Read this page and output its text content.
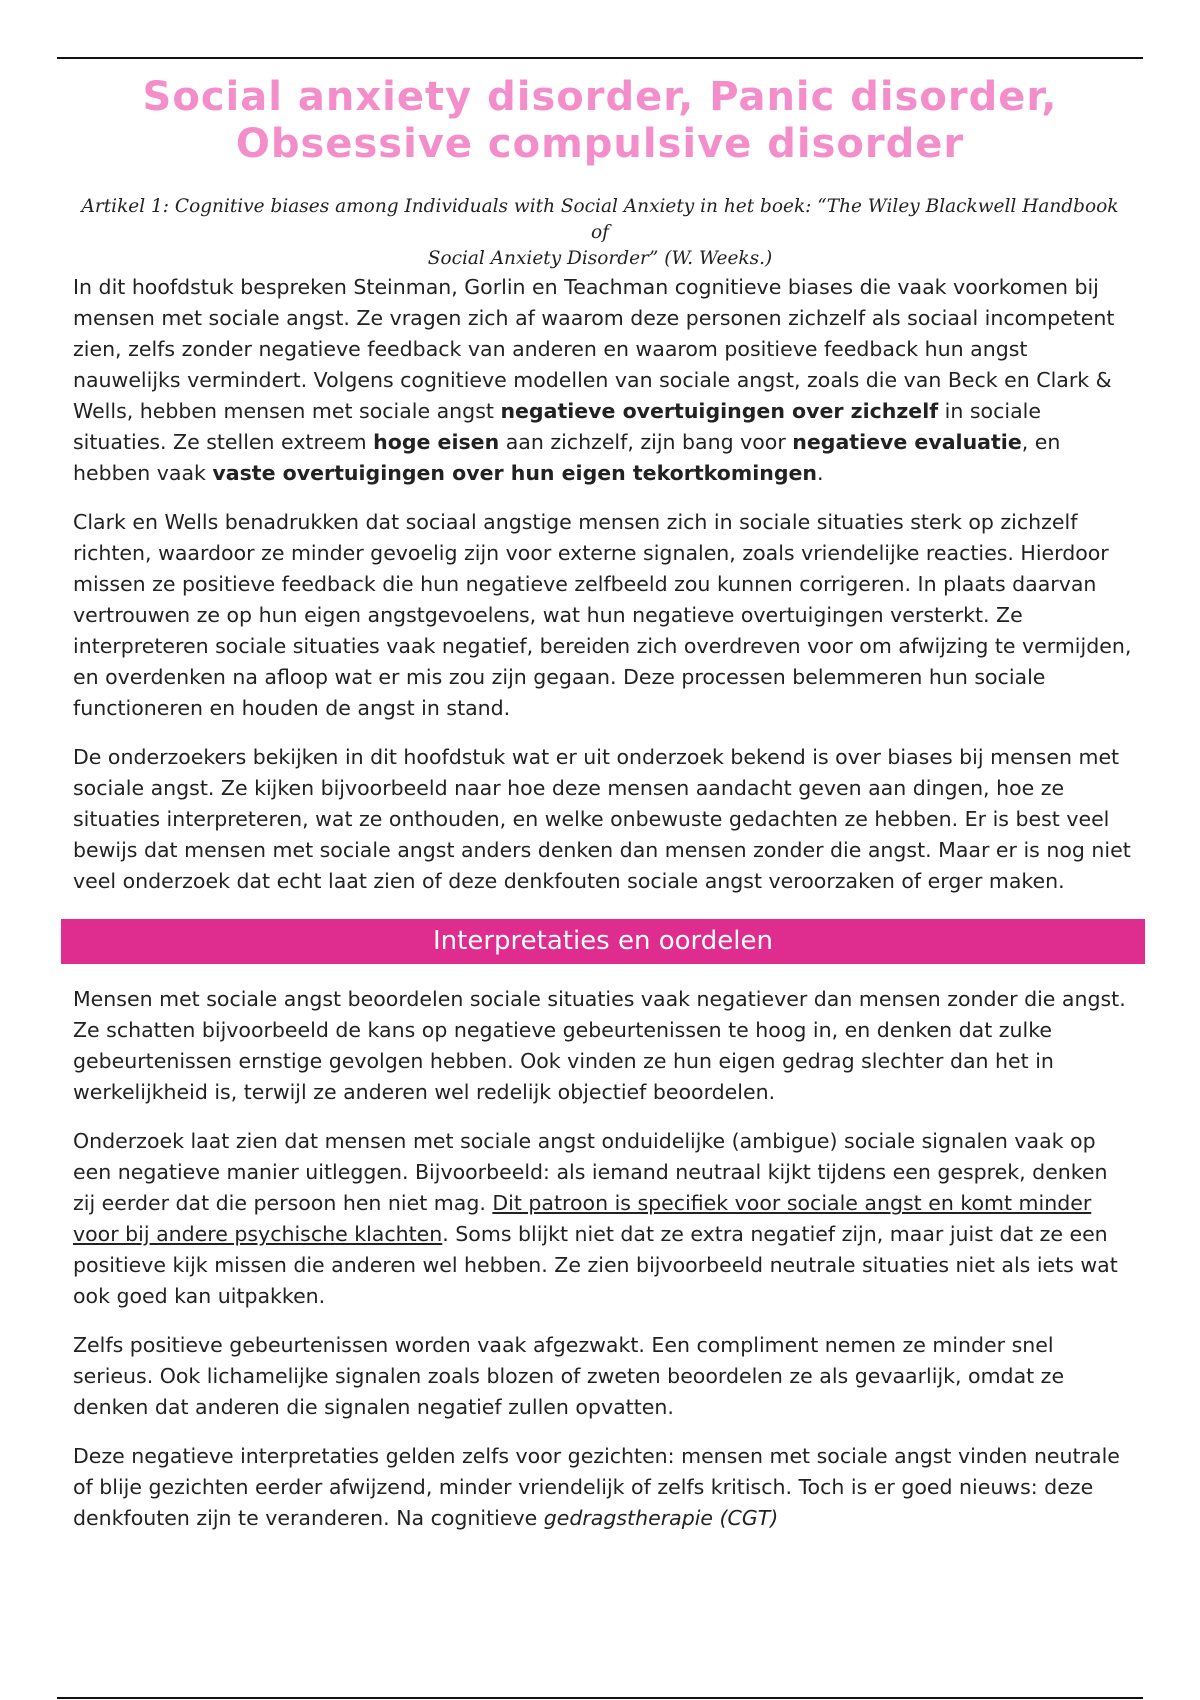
Social anxiety disorder, Panic disorder,
Obsessive compulsive disorder

Artikel 1: Cognitive biases among Individuals with Social Anxiety in het boek: “The Wiley Blackwell Handbook of
Social Anxiety Disorder” (W. Weeks.)

In dit hoofdstuk bespreken Steinman, Gorlin en Teachman cognitieve biases die vaak voorkomen bij mensen met sociale angst. Ze vragen zich af waarom deze personen zichzelf als sociaal incompetent zien, zelfs zonder negatieve feedback van anderen en waarom positieve feedback hun angst nauwelijks vermindert. Volgens cognitieve modellen van sociale angst, zoals die van Beck en Clark & Wells, hebben mensen met sociale angst negatieve overtuigingen over zichzelf in sociale situaties. Ze stellen extreem hoge eisen aan zichzelf, zijn bang voor negatieve evaluatie, en hebben vaak vaste overtuigingen over hun eigen tekortkomingen.

Clark en Wells benadrukken dat sociaal angstige mensen zich in sociale situaties sterk op zichzelf richten, waardoor ze minder gevoelig zijn voor externe signalen, zoals vriendelijke reacties. Hierdoor missen ze positieve feedback die hun negatieve zelfbeeld zou kunnen corrigeren. In plaats daarvan vertrouwen ze op hun eigen angstgevoelens, wat hun negatieve overtuigingen versterkt. Ze interpreteren sociale situaties vaak negatief, bereiden zich overdreven voor om afwijzing te vermijden, en overdenken na afloop wat er mis zou zijn gegaan. Deze processen belemmeren hun sociale functioneren en houden de angst in stand.

De onderzoekers bekijken in dit hoofdstuk wat er uit onderzoek bekend is over biases bij mensen met sociale angst. Ze kijken bijvoorbeeld naar hoe deze mensen aandacht geven aan dingen, hoe ze situaties interpreteren, wat ze onthouden, en welke onbewuste gedachten ze hebben. Er is best veel bewijs dat mensen met sociale angst anders denken dan mensen zonder die angst. Maar er is nog niet veel onderzoek dat echt laat zien of deze denkfouten sociale angst veroorzaken of erger maken.

Interpretaties en oordelen

Mensen met sociale angst beoordelen sociale situaties vaak negatiever dan mensen zonder die angst. Ze schatten bijvoorbeeld de kans op negatieve gebeurtenissen te hoog in, en denken dat zulke gebeurtenissen ernstige gevolgen hebben. Ook vinden ze hun eigen gedrag slechter dan het in werkelijkheid is, terwijl ze anderen wel redelijk objectief beoordelen.

Onderzoek laat zien dat mensen met sociale angst onduidelijke (ambigue) sociale signalen vaak op een negatieve manier uitleggen. Bijvoorbeeld: als iemand neutraal kijkt tijdens een gesprek, denken zij eerder dat die persoon hen niet mag. Dit patroon is specifiek voor sociale angst en komt minder voor bij andere psychische klachten. Soms blijkt niet dat ze extra negatief zijn, maar juist dat ze een positieve kijk missen die anderen wel hebben. Ze zien bijvoorbeeld neutrale situaties niet als iets wat ook goed kan uitpakken.

Zelfs positieve gebeurtenissen worden vaak afgezwakt. Een compliment nemen ze minder snel serieus. Ook lichamelijke signalen zoals blozen of zweten beoordelen ze als gevaarlijk, omdat ze denken dat anderen die signalen negatief zullen opvatten.

Deze negatieve interpretaties gelden zelfs voor gezichten: mensen met sociale angst vinden neutrale of blije gezichten eerder afwijzend, minder vriendelijk of zelfs kritisch. Toch is er goed nieuws: deze denkfouten zijn te veranderen. Na cognitieve gedragstherapie (CGT)
